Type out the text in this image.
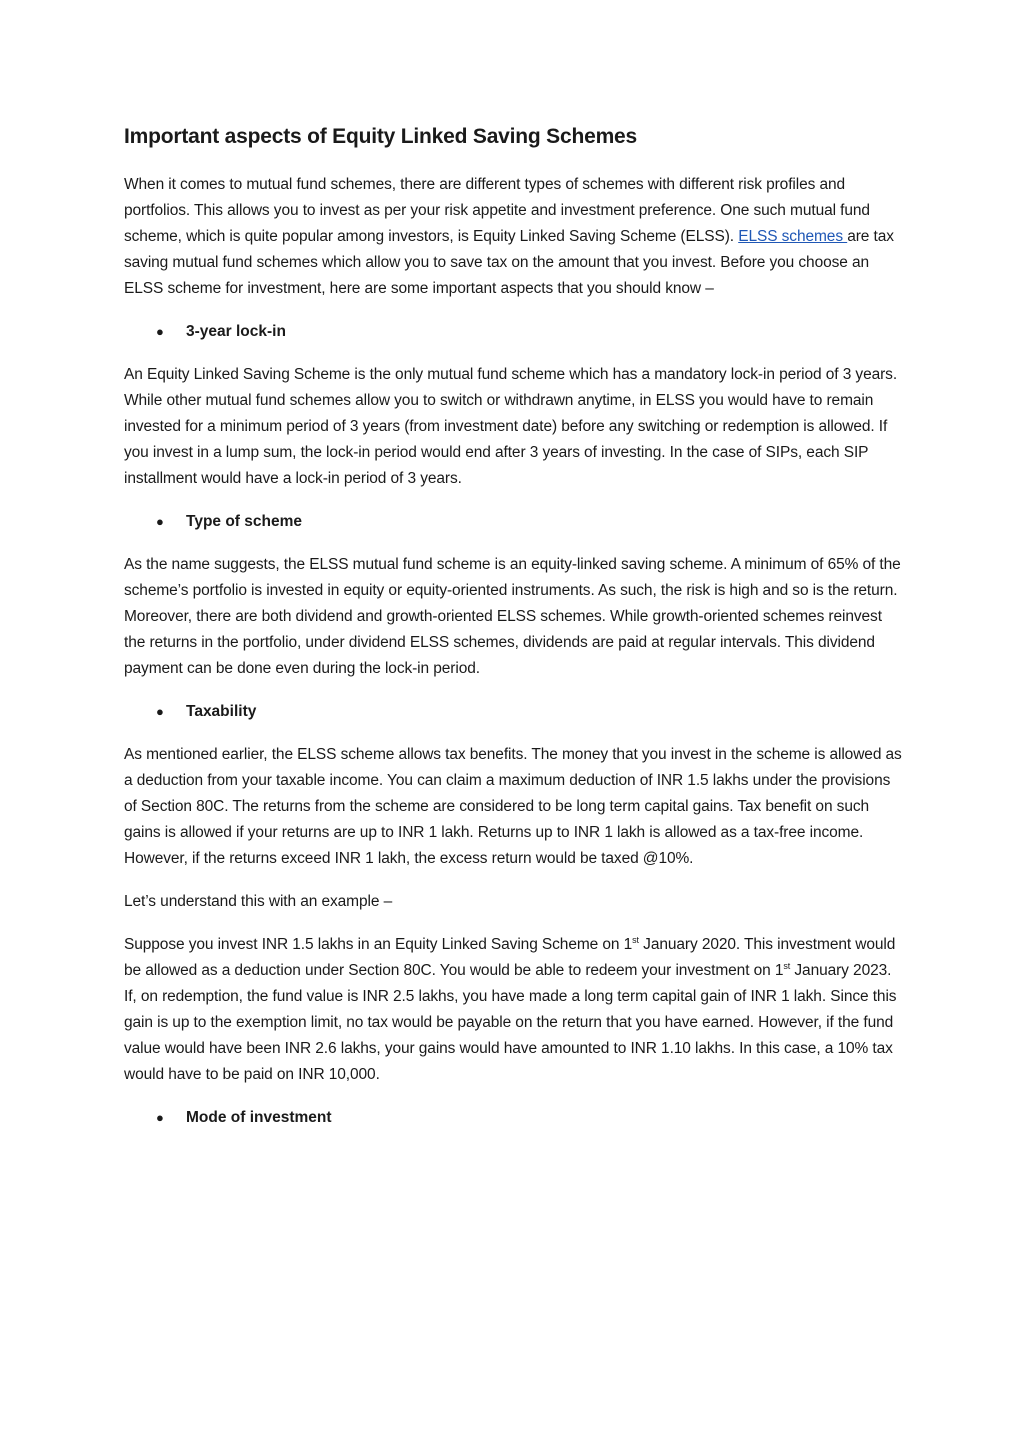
Important aspects of Equity Linked Saving Schemes

When it comes to mutual fund schemes, there are different types of schemes with different risk profiles and portfolios. This allows you to invest as per your risk appetite and investment preference. One such mutual fund scheme, which is quite popular among investors, is Equity Linked Saving Scheme (ELSS). ELSS schemes are tax saving mutual fund schemes which allow you to save tax on the amount that you invest. Before you choose an ELSS scheme for investment, here are some important aspects that you should know –

●	3-year lock-in

An Equity Linked Saving Scheme is the only mutual fund scheme which has a mandatory lock-in period of 3 years. While other mutual fund schemes allow you to switch or withdrawn anytime, in ELSS you would have to remain invested for a minimum period of 3 years (from investment date) before any switching or redemption is allowed. If you invest in a lump sum, the lock-in period would end after 3 years of investing. In the case of SIPs, each SIP installment would have a lock-in period of 3 years.

●	Type of scheme

As the name suggests, the ELSS mutual fund scheme is an equity-linked saving scheme. A minimum of 65% of the scheme’s portfolio is invested in equity or equity-oriented instruments. As such, the risk is high and so is the return. Moreover, there are both dividend and growth-oriented ELSS schemes. While growth-oriented schemes reinvest the returns in the portfolio, under dividend ELSS schemes, dividends are paid at regular intervals. This dividend payment can be done even during the lock-in period.

●	Taxability

As mentioned earlier, the ELSS scheme allows tax benefits. The money that you invest in the scheme is allowed as a deduction from your taxable income. You can claim a maximum deduction of INR 1.5 lakhs under the provisions of Section 80C. The returns from the scheme are considered to be long term capital gains. Tax benefit on such gains is allowed if your returns are up to INR 1 lakh. Returns up to INR 1 lakh is allowed as a tax-free income. However, if the returns exceed INR 1 lakh, the excess return would be taxed @10%.

Let’s understand this with an example –

Suppose you invest INR 1.5 lakhs in an Equity Linked Saving Scheme on 1st January 2020. This investment would be allowed as a deduction under Section 80C. You would be able to redeem your investment on 1st January 2023. If, on redemption, the fund value is INR 2.5 lakhs, you have made a long term capital gain of INR 1 lakh. Since this gain is up to the exemption limit, no tax would be payable on the return that you have earned. However, if the fund value would have been INR 2.6 lakhs, your gains would have amounted to INR 1.10 lakhs. In this case, a 10% tax would have to be paid on INR 10,000.

●	Mode of investment
